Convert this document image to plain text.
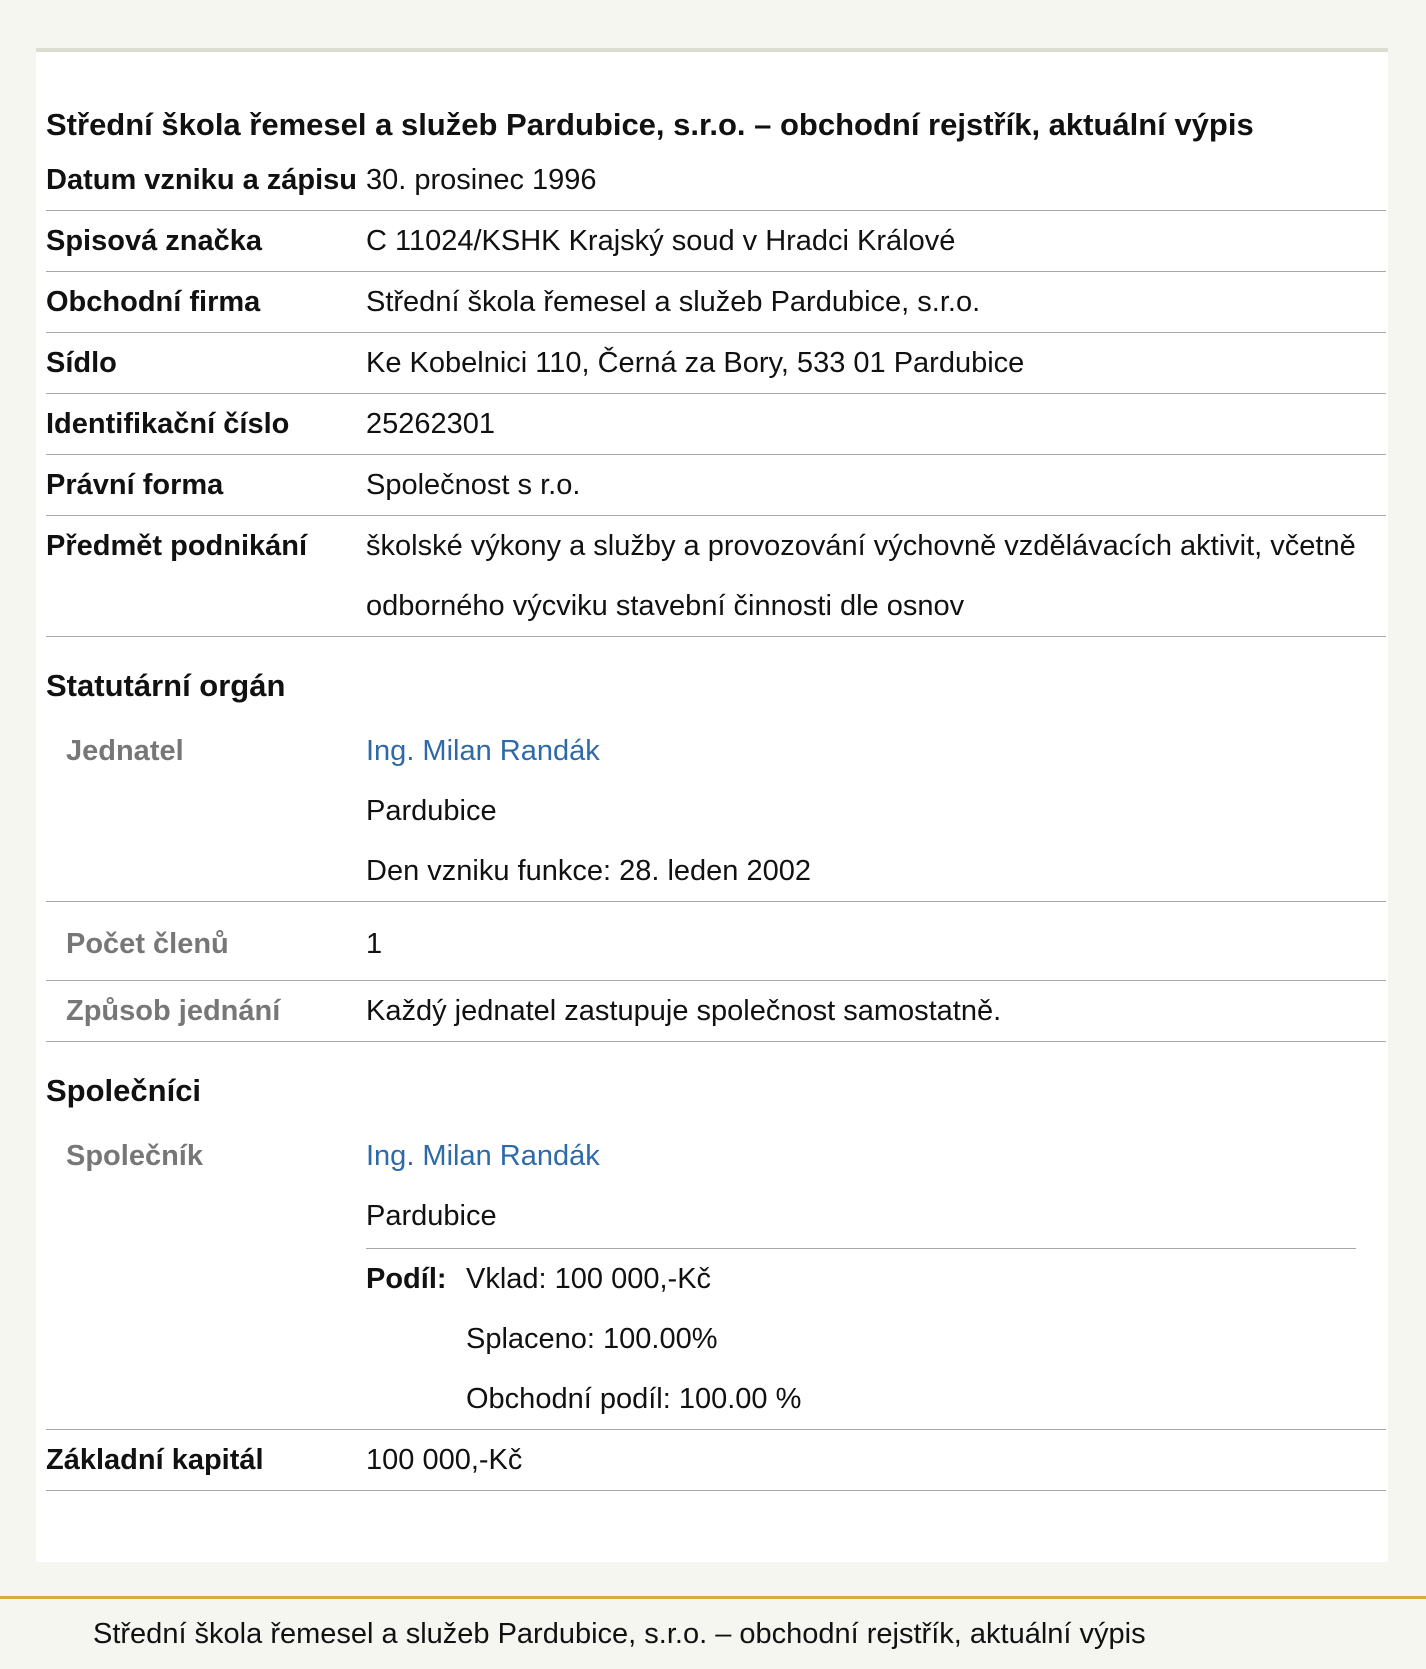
Střední škola řemesel a služeb Pardubice, s.r.o. – obchodní rejstřík, aktuální výpis
Datum vzniku a zápisu 30. prosinec 1996
Spisová značka	C 11024/KSHK Krajský soud v Hradci Králové
Obchodní firma	Střední škola řemesel a služeb Pardubice, s.r.o.
Sídlo	Ke Kobelnici 110, Černá za Bory, 533 01 Pardubice
Identifikační číslo	25262301
Právní forma	Společnost s r.o.
Předmět podnikání	školské výkony a služby a provozování výchovně vzdělávacích aktivit, včetně odborného výcviku stavební činnosti dle osnov
Statutární orgán
Jednatel	Ing. Milan Randák
Pardubice
Den vzniku funkce: 28. leden 2002
Počet členů	1
Způsob jednání	Každý jednatel zastupuje společnost samostatně.
Společníci
Společník	Ing. Milan Randák
Pardubice
Podíl: Vklad: 100 000,-Kč
Splaceno: 100.00%
Obchodní podíl: 100.00 %
Základní kapitál	100 000,-Kč
Střední škola řemesel a služeb Pardubice, s.r.o. – obchodní rejstřík, aktuální výpis
